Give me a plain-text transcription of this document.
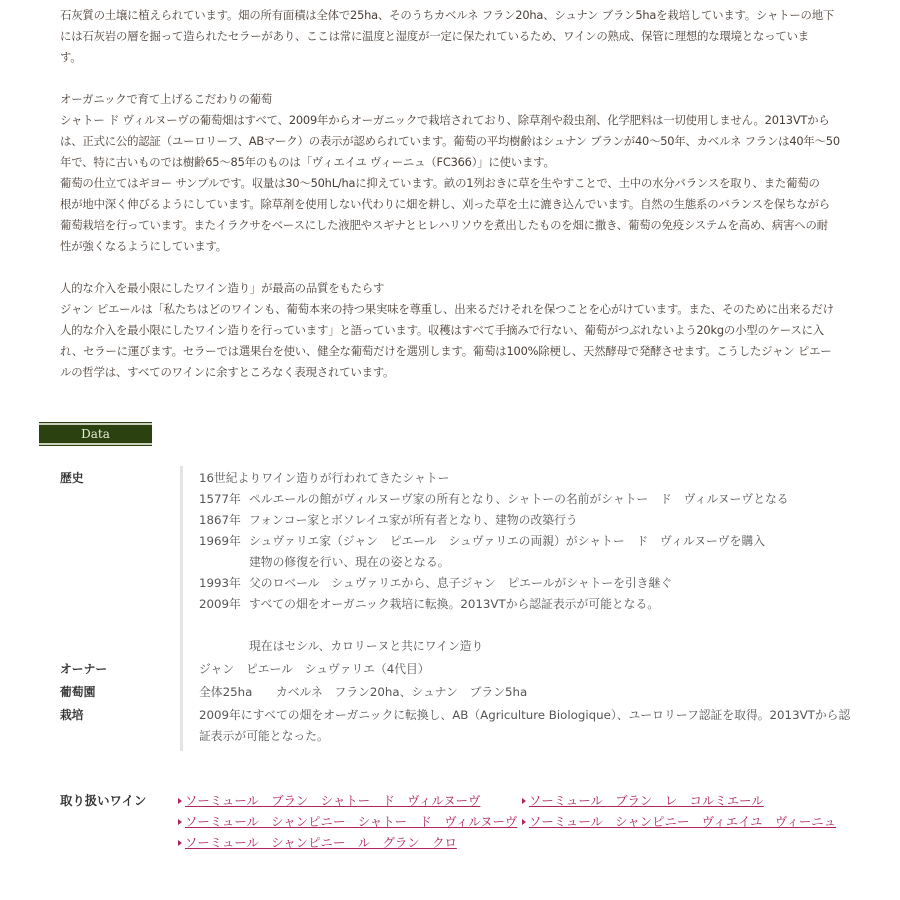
石灰質の土壌に植えられています。畑の所有面積は全体で25ha、そのうちカベルネ フラン20ha、シュナン ブラン5haを栽培しています。シャトーの地下

には石灰岩の層を掘って造られたセラーがあり、ここは常に温度と湿度が一定に保たれているため、ワインの熟成、保管に理想的な環境となっていま

す。

オーガニックで育て上げるこだわりの葡萄

シャトー ド ヴィルヌーヴの葡萄畑はすべて、2009年からオーガニックで栽培されており、除草剤や殺虫剤、化学肥料は一切使用しません。2013VTから

は、正式に公的認証（ユーロリーフ、ABマーク）の表示が認められています。葡萄の平均樹齢はシュナン ブランが40～50年、カベルネ フランは40年～50

年で、特に古いものでは樹齢65～85年のものは「ヴィエイユ ヴィーニュ（FC366）」に使います。

葡萄の仕立てはギヨー サンプルです。収量は30～50hL/haに抑えています。畝の1列おきに草を生やすことで、土中の水分バランスを取り、また葡萄の

根が地中深く伸びるようにしています。除草剤を使用しない代わりに畑を耕し、刈った草を土に漉き込んでいます。自然の生態系のバランスを保ちながら

葡萄栽培を行っています。またイラクサをベースにした液肥やスギナとヒレハリソウを煮出したものを畑に撒き、葡萄の免疫システムを高め、病害への耐

性が強くなるようにしています。

人的な介入を最小限にしたワイン造り」が最高の品質をもたらす

ジャン ピエールは「私たちはどのワインも、葡萄本来の持つ果実味を尊重し、出来るだけそれを保つことを心がけています。また、そのために出来るだけ

人的な介入を最小限にしたワイン造りを行っています」と語っています。収穫はすべて手摘みで行ない、葡萄がつぶれないよう20kgの小型のケースに入

れ、セラーに運びます。セラーでは選果台を使い、健全な葡萄だけを選別します。葡萄は100%除梗し、天然酵母で発酵させます。こうしたジャン ピエー

ルの哲学は、すべてのワインに余すところなく表現されています。

Data
歴史	16世紀よりワイン造りが行われてきたシャトー
1577年 ペルエールの館がヴィルヌーヴ家の所有となり、シャトーの名前がシャトー　ド　ヴィルヌーヴとなる
1867年 フォンコー家とボソレイユ家が所有者となり、建物の改築行う
1969年 シュヴァリエ家（ジャン　ピエール　シュヴァリエの両親）がシャトー　ド　ヴィルヌーヴを購入
建物の修復を行い、現在の姿となる。
1993年 父のロベール　シュヴァリエから、息子ジャン　ピエールがシャトーを引き継ぐ
2009年 すべての畑をオーガニック栽培に転換。2013VTから認証表示が可能となる。
現在はセシル、カロリーヌと共にワイン造り
オーナー	ジャン　ピエール　シュヴァリエ（4代目）
葡萄園	全体25ha　　カベルネ　フラン20ha、シュナン　ブラン5ha
栽培	2009年にすべての畑をオーガニックに転換し、AB（Agriculture Biologique）、ユーロリーフ認証を取得。2013VTから認証表示が可能となった。
取り扱いワイン	ソーミュール　ブラン　シャトー　ド　ヴィルヌーヴ	ソーミュール　ブラン　レ　コルミエール
ソーミュール　シャンピニー　シャトー　ド　ヴィルヌーヴ ソーミュール　シャンピニー　ヴィエイユ　ヴィーニュ
ソーミュール　シャンピニー　ル　グラン　クロ
